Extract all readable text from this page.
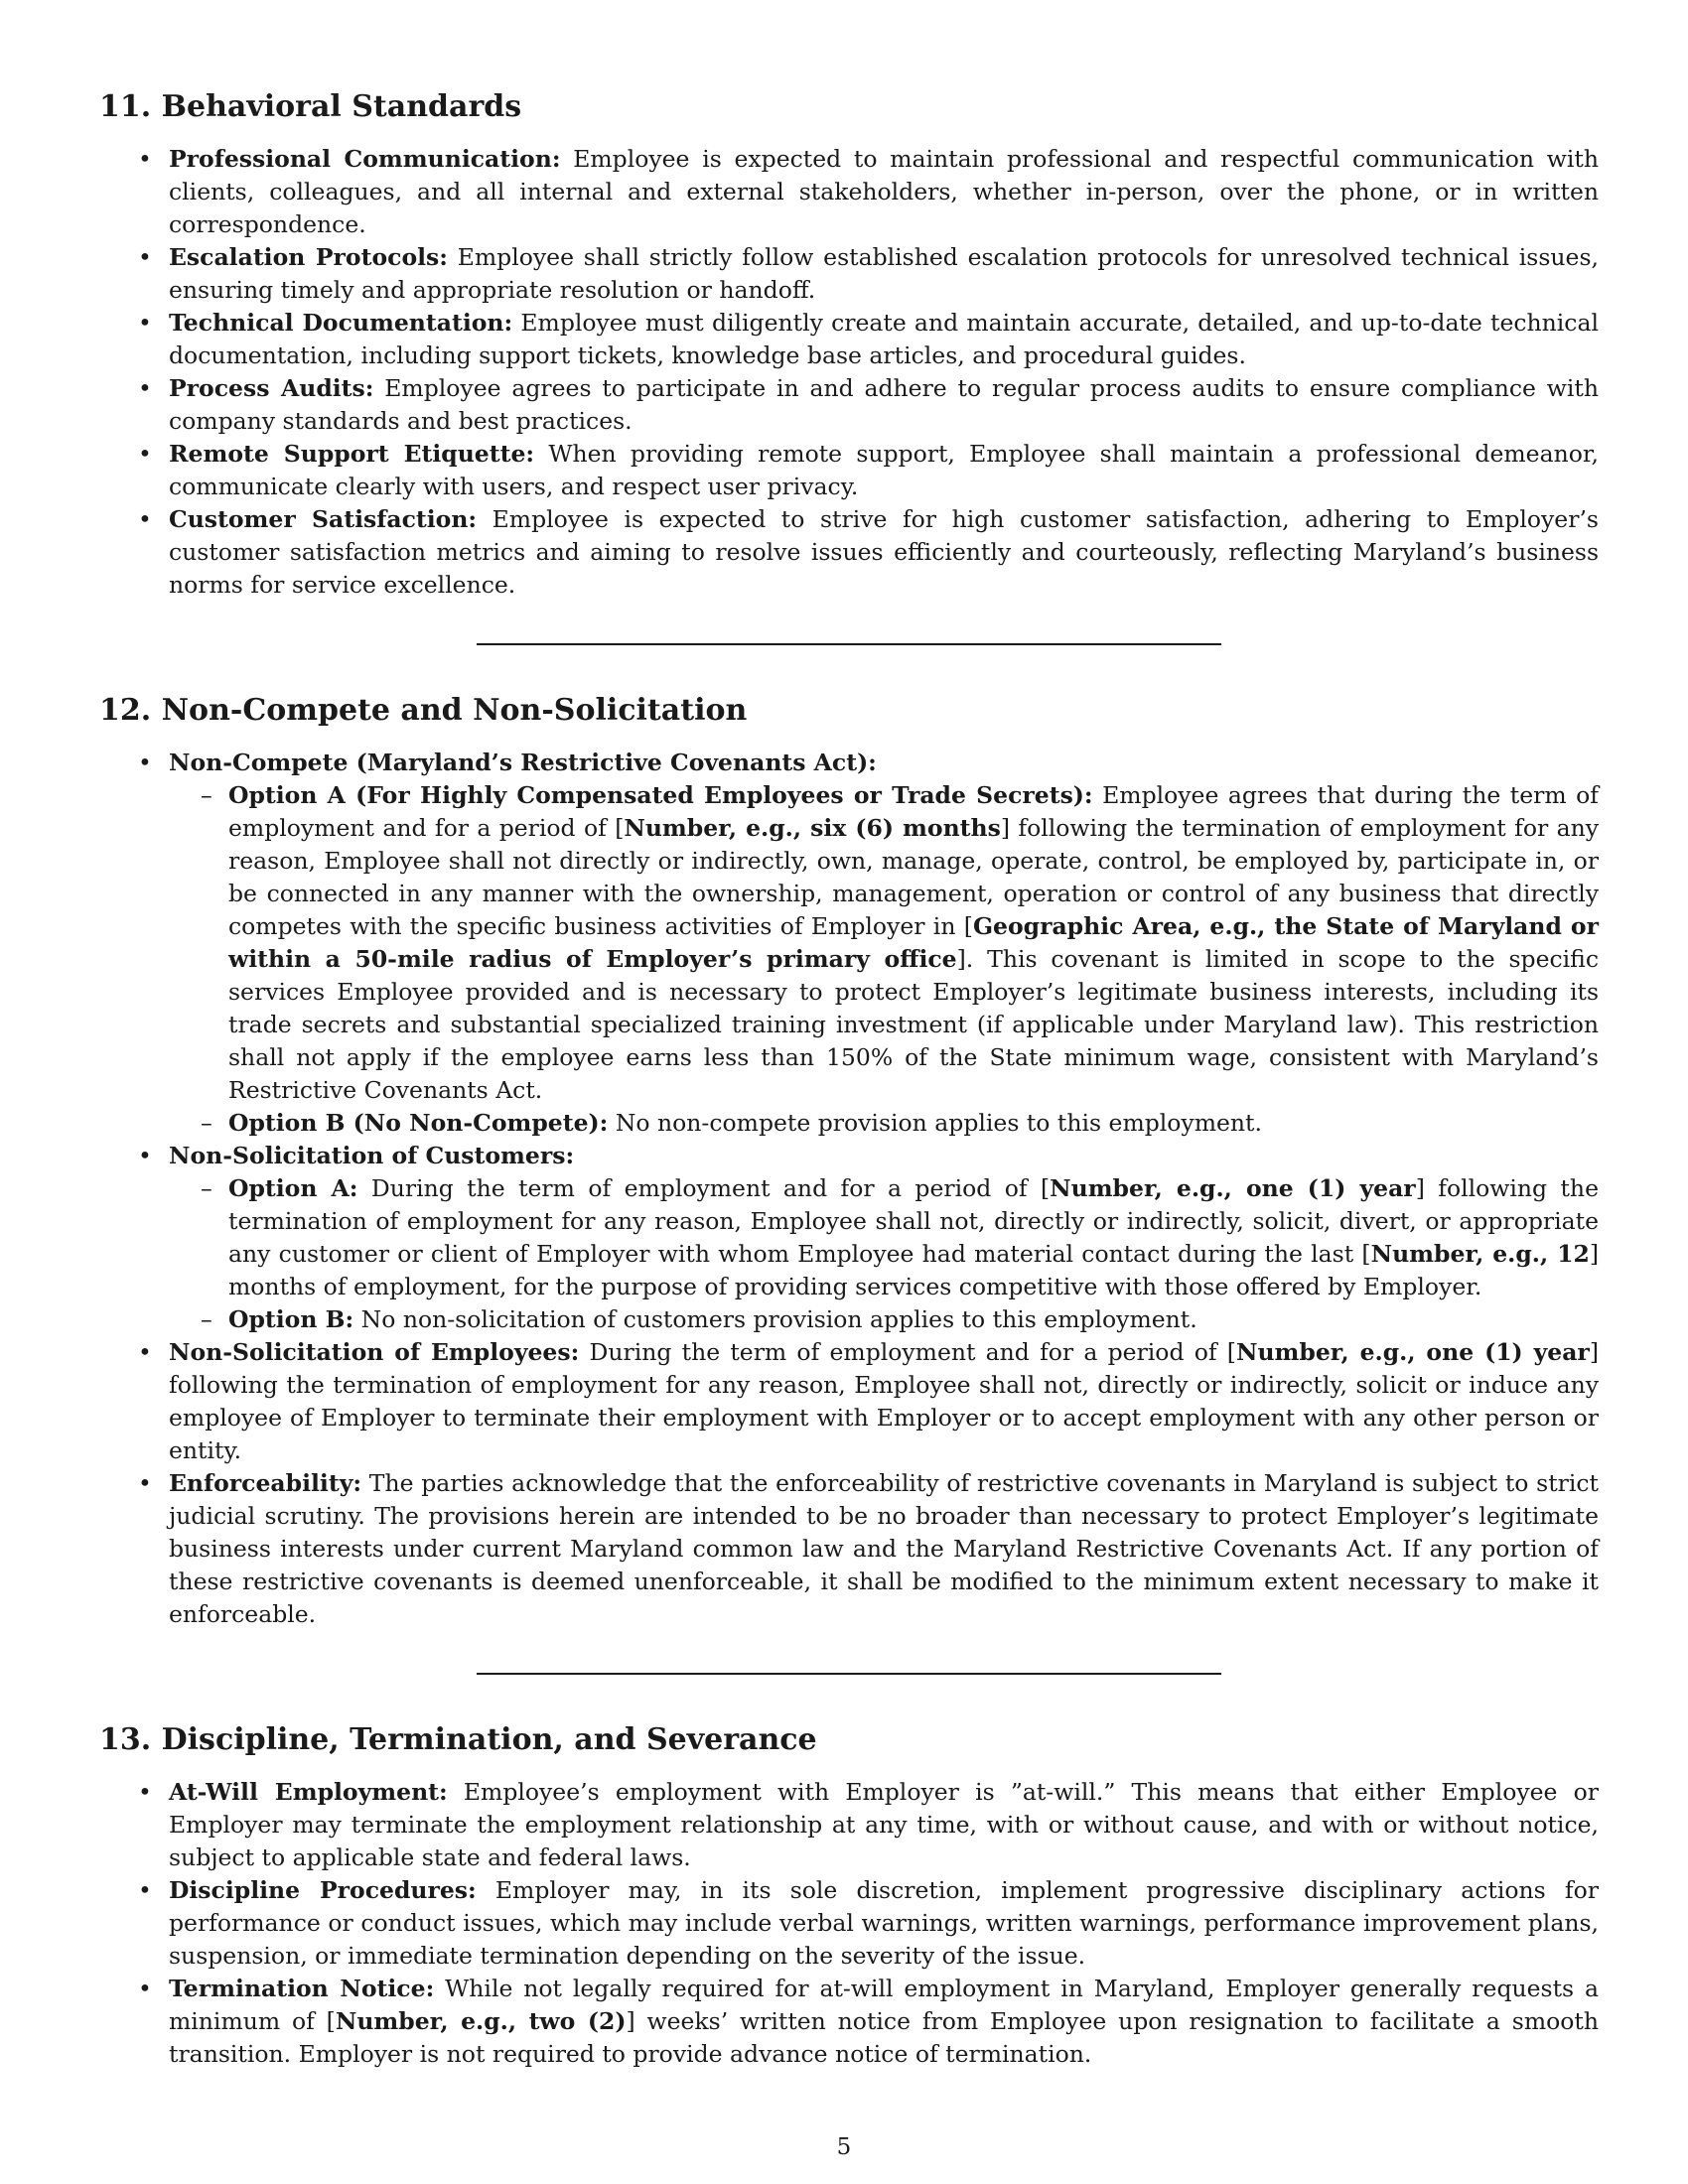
11. Behavioral Standards
• Professional Communication: Employee is expected to maintain professional and respectful communication with clients, colleagues, and all internal and external stakeholders, whether in-person, over the phone, or in written correspondence.
• Escalation Protocols: Employee shall strictly follow established escalation protocols for unresolved technical issues, ensuring timely and appropriate resolution or handoff.
• Technical Documentation: Employee must diligently create and maintain accurate, detailed, and up-to-date technical documentation, including support tickets, knowledge base articles, and procedural guides.
• Process Audits: Employee agrees to participate in and adhere to regular process audits to ensure compliance with company standards and best practices.
• Remote Support Etiquette: When providing remote support, Employee shall maintain a professional demeanor, communicate clearly with users, and respect user privacy.
• Customer Satisfaction: Employee is expected to strive for high customer satisfaction, adhering to Employer’s customer satisfaction metrics and aiming to resolve issues efficiently and courteously, reflecting Maryland’s business norms for service excellence.
12. Non-Compete and Non-Solicitation
• Non-Compete (Maryland’s Restrictive Covenants Act):
– Option A (For Highly Compensated Employees or Trade Secrets): Employee agrees that during the term of employment and for a period of [Number, e.g., six (6) months] following the termination of employment for any reason, Employee shall not directly or indirectly, own, manage, operate, control, be employed by, participate in, or be connected in any manner with the ownership, management, operation or control of any business that directly competes with the specific business activities of Employer in [Geographic Area, e.g., the State of Maryland or within a 50-mile radius of Employer’s primary office]. This covenant is limited in scope to the specific services Employee provided and is necessary to protect Employer’s legitimate business interests, including its trade secrets and substantial specialized training investment (if applicable under Maryland law). This restriction shall not apply if the employee earns less than 150% of the State minimum wage, consistent with Maryland’s Restrictive Covenants Act.
– Option B (No Non-Compete): No non-compete provision applies to this employment.
• Non-Solicitation of Customers:
– Option A: During the term of employment and for a period of [Number, e.g., one (1) year] following the termination of employment for any reason, Employee shall not, directly or indirectly, solicit, divert, or appropriate any customer or client of Employer with whom Employee had material contact during the last [Number, e.g., 12] months of employment, for the purpose of providing services competitive with those offered by Employer.
– Option B: No non-solicitation of customers provision applies to this employment.
• Non-Solicitation of Employees: During the term of employment and for a period of [Number, e.g., one (1) year] following the termination of employment for any reason, Employee shall not, directly or indirectly, solicit or induce any employee of Employer to terminate their employment with Employer or to accept employment with any other person or entity.
• Enforceability: The parties acknowledge that the enforceability of restrictive covenants in Maryland is subject to strict judicial scrutiny. The provisions herein are intended to be no broader than necessary to protect Employer’s legitimate business interests under current Maryland common law and the Maryland Restrictive Covenants Act. If any portion of these restrictive covenants is deemed unenforceable, it shall be modified to the minimum extent necessary to make it enforceable.
13. Discipline, Termination, and Severance
• At-Will Employment: Employee’s employment with Employer is ”at-will.” This means that either Employee or Employer may terminate the employment relationship at any time, with or without cause, and with or without notice, subject to applicable state and federal laws.
• Discipline Procedures: Employer may, in its sole discretion, implement progressive disciplinary actions for performance or conduct issues, which may include verbal warnings, written warnings, performance improvement plans, suspension, or immediate termination depending on the severity of the issue.
• Termination Notice: While not legally required for at-will employment in Maryland, Employer generally requests a minimum of [Number, e.g., two (2)] weeks’ written notice from Employee upon resignation to facilitate a smooth transition. Employer is not required to provide advance notice of termination.
5
